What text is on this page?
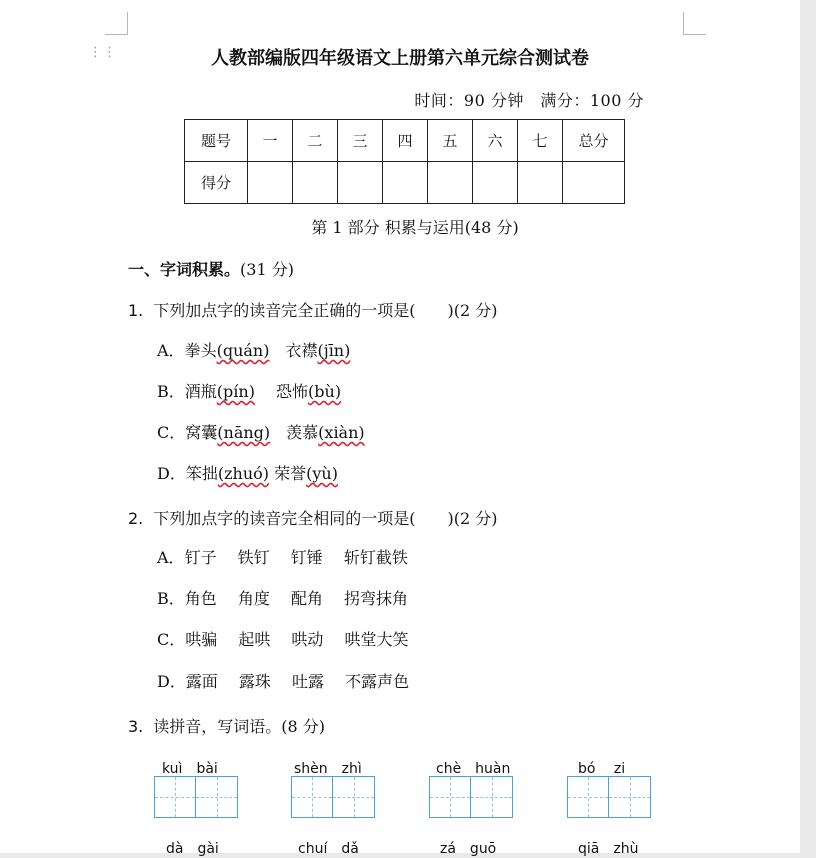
⋮⋮	人教部编版四年级语文上册第六单元综合测试卷
时间：90 分钟　满分：100 分
题号	一	二	三	四	五	六	七	总分
得分								
第 1 部分 积累与运用(48 分)
一、字词积累。(31 分)
1. 下列加点字的读音完全正确的一项是(　　)(2 分)
A．拳头(quán)　 衣襟(jīn)
B．酒瓶(pín)　 恐怖(bù)
C．窝囊(nāng)　 羡慕(xiàn)
D．笨拙(zhuó) 荣誉(yù)
2. 下列加点字的读音完全相同的一项是(　　)(2 分)
A．钉子　 铁钉　 钉锤　 斩钉截铁
B．角色　 角度　 配角　 拐弯抹角
C．哄骗　 起哄　 哄动　 哄堂大笑
D．露面　 露珠　 吐露　 不露声色
3. 读拼音，写词语。(8 分)
kuì　bài	shèn　zhì	chè　huàn	bó　 zi
dà　gài	chuí　dǎ	zá　guō	qiā　zhù
